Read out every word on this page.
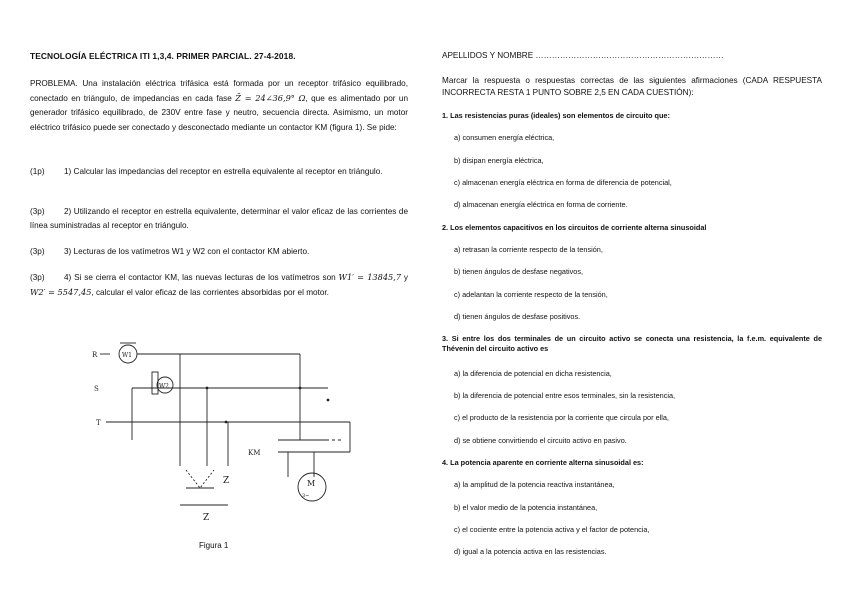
TECNOLOGÍA ELÉCTRICA ITI 1,3,4. PRIMER PARCIAL. 27-4-2018.

PROBLEMA. Una instalación eléctrica trifásica está formada por un receptor trifásico equilibrado, conectado en triángulo, de impedancias en cada fase Z̄ = 24∠36,9° Ω, que es alimentado por un generador trifásico equilibrado, de 230V entre fase y neutro, secuencia directa. Asimismo, un motor eléctrico trifásico puede ser conectado y desconectado mediante un contactor KM (figura 1). Se pide:

(1p) 1) Calcular las impedancias del receptor en estrella equivalente al receptor en triángulo.

(3p) 2) Utilizando el receptor en estrella equivalente, determinar el valor eficaz de las corrientes de línea suministradas al receptor en triángulo.

(3p) 3) Lecturas de los vatímetros W1 y W2 con el contactor KM abierto.

(3p) 4) Si se cierra el contactor KM, las nuevas lecturas de los vatímetros son W1′ = 13845,7 y W2′ = 5547,45, calcular el valor eficaz de las corrientes absorbidas por el motor.

R
S
T
W1
W2
KM
Z
Z
M
3~
Figura 1
APELLIDOS Y NOMBRE ……………………………………………………………

Marcar la respuesta o respuestas correctas de las siguientes afirmaciones (CADA RESPUESTA INCORRECTA RESTA 1 PUNTO SOBRE 2,5 EN CADA CUESTIÓN):

1. Las resistencias puras (ideales) son elementos de circuito que:
a) consumen energía eléctrica,
b) disipan energía eléctrica,
c) almacenan energía eléctrica en forma de diferencia de potencial,
d) almacenan energía eléctrica en forma de corriente.
2. Los elementos capacitivos en los circuitos de corriente alterna sinusoidal
a) retrasan la corriente respecto de la tensión,
b) tienen ángulos de desfase negativos,
c) adelantan la corriente respecto de la tensión,
d) tienen ángulos de desfase positivos.
3. Si entre los dos terminales de un circuito activo se conecta una resistencia, la f.e.m. equivalente de Thévenin del circuito activo es
a) la diferencia de potencial en dicha resistencia,
b) la diferencia de potencial entre esos terminales, sin la resistencia,
c) el producto de la resistencia por la corriente que circula por ella,
d) se obtiene convirtiendo el circuito activo en pasivo.
4. La potencia aparente en corriente alterna sinusoidal es:
a) la amplitud de la potencia reactiva instantánea,
b) el valor medio de la potencia instantánea,
c) el cociente entre la potencia activa y el factor de potencia,
d) igual a la potencia activa en las resistencias.
